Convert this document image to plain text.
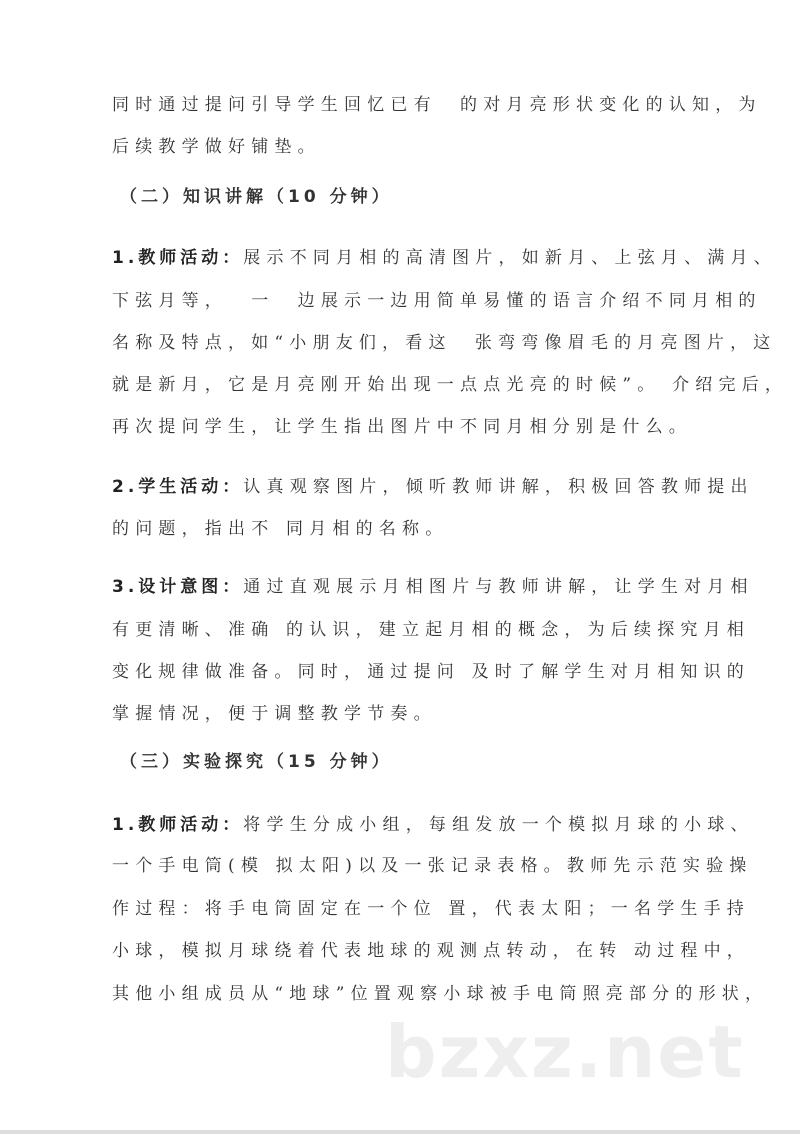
同时通过提问引导学生回忆已有  的对月亮形状变化的认知，为
后续教学做好铺垫。
（二）知识讲解（10 分钟）
1.教师活动：展示不同月相的高清图片，如新月、上弦月、满月、
下弦月等，  一  边展示一边用简单易懂的语言介绍不同月相的
名称及特点，如“小朋友们，看这  张弯弯像眉毛的月亮图片，这
就是新月，它是月亮刚开始出现一点点光亮的时候”。 介绍完后，
再次提问学生，让学生指出图片中不同月相分别是什么。
2.学生活动：认真观察图片，倾听教师讲解，积极回答教师提出
的问题，指出不 同月相的名称。
3.设计意图：通过直观展示月相图片与教师讲解，让学生对月相
有更清晰、准确 的认识，建立起月相的概念，为后续探究月相
变化规律做准备。同时，通过提问 及时了解学生对月相知识的
掌握情况，便于调整教学节奏。
（三）实验探究（15 分钟）
1.教师活动：将学生分成小组，每组发放一个模拟月球的小球、
一个手电筒(模 拟太阳)以及一张记录表格。教师先示范实验操
作过程：将手电筒固定在一个位 置，代表太阳；一名学生手持
小球，模拟月球绕着代表地球的观测点转动，在转 动过程中，
其他小组成员从“地球”位置观察小球被手电筒照亮部分的形状，
bzxz.net
